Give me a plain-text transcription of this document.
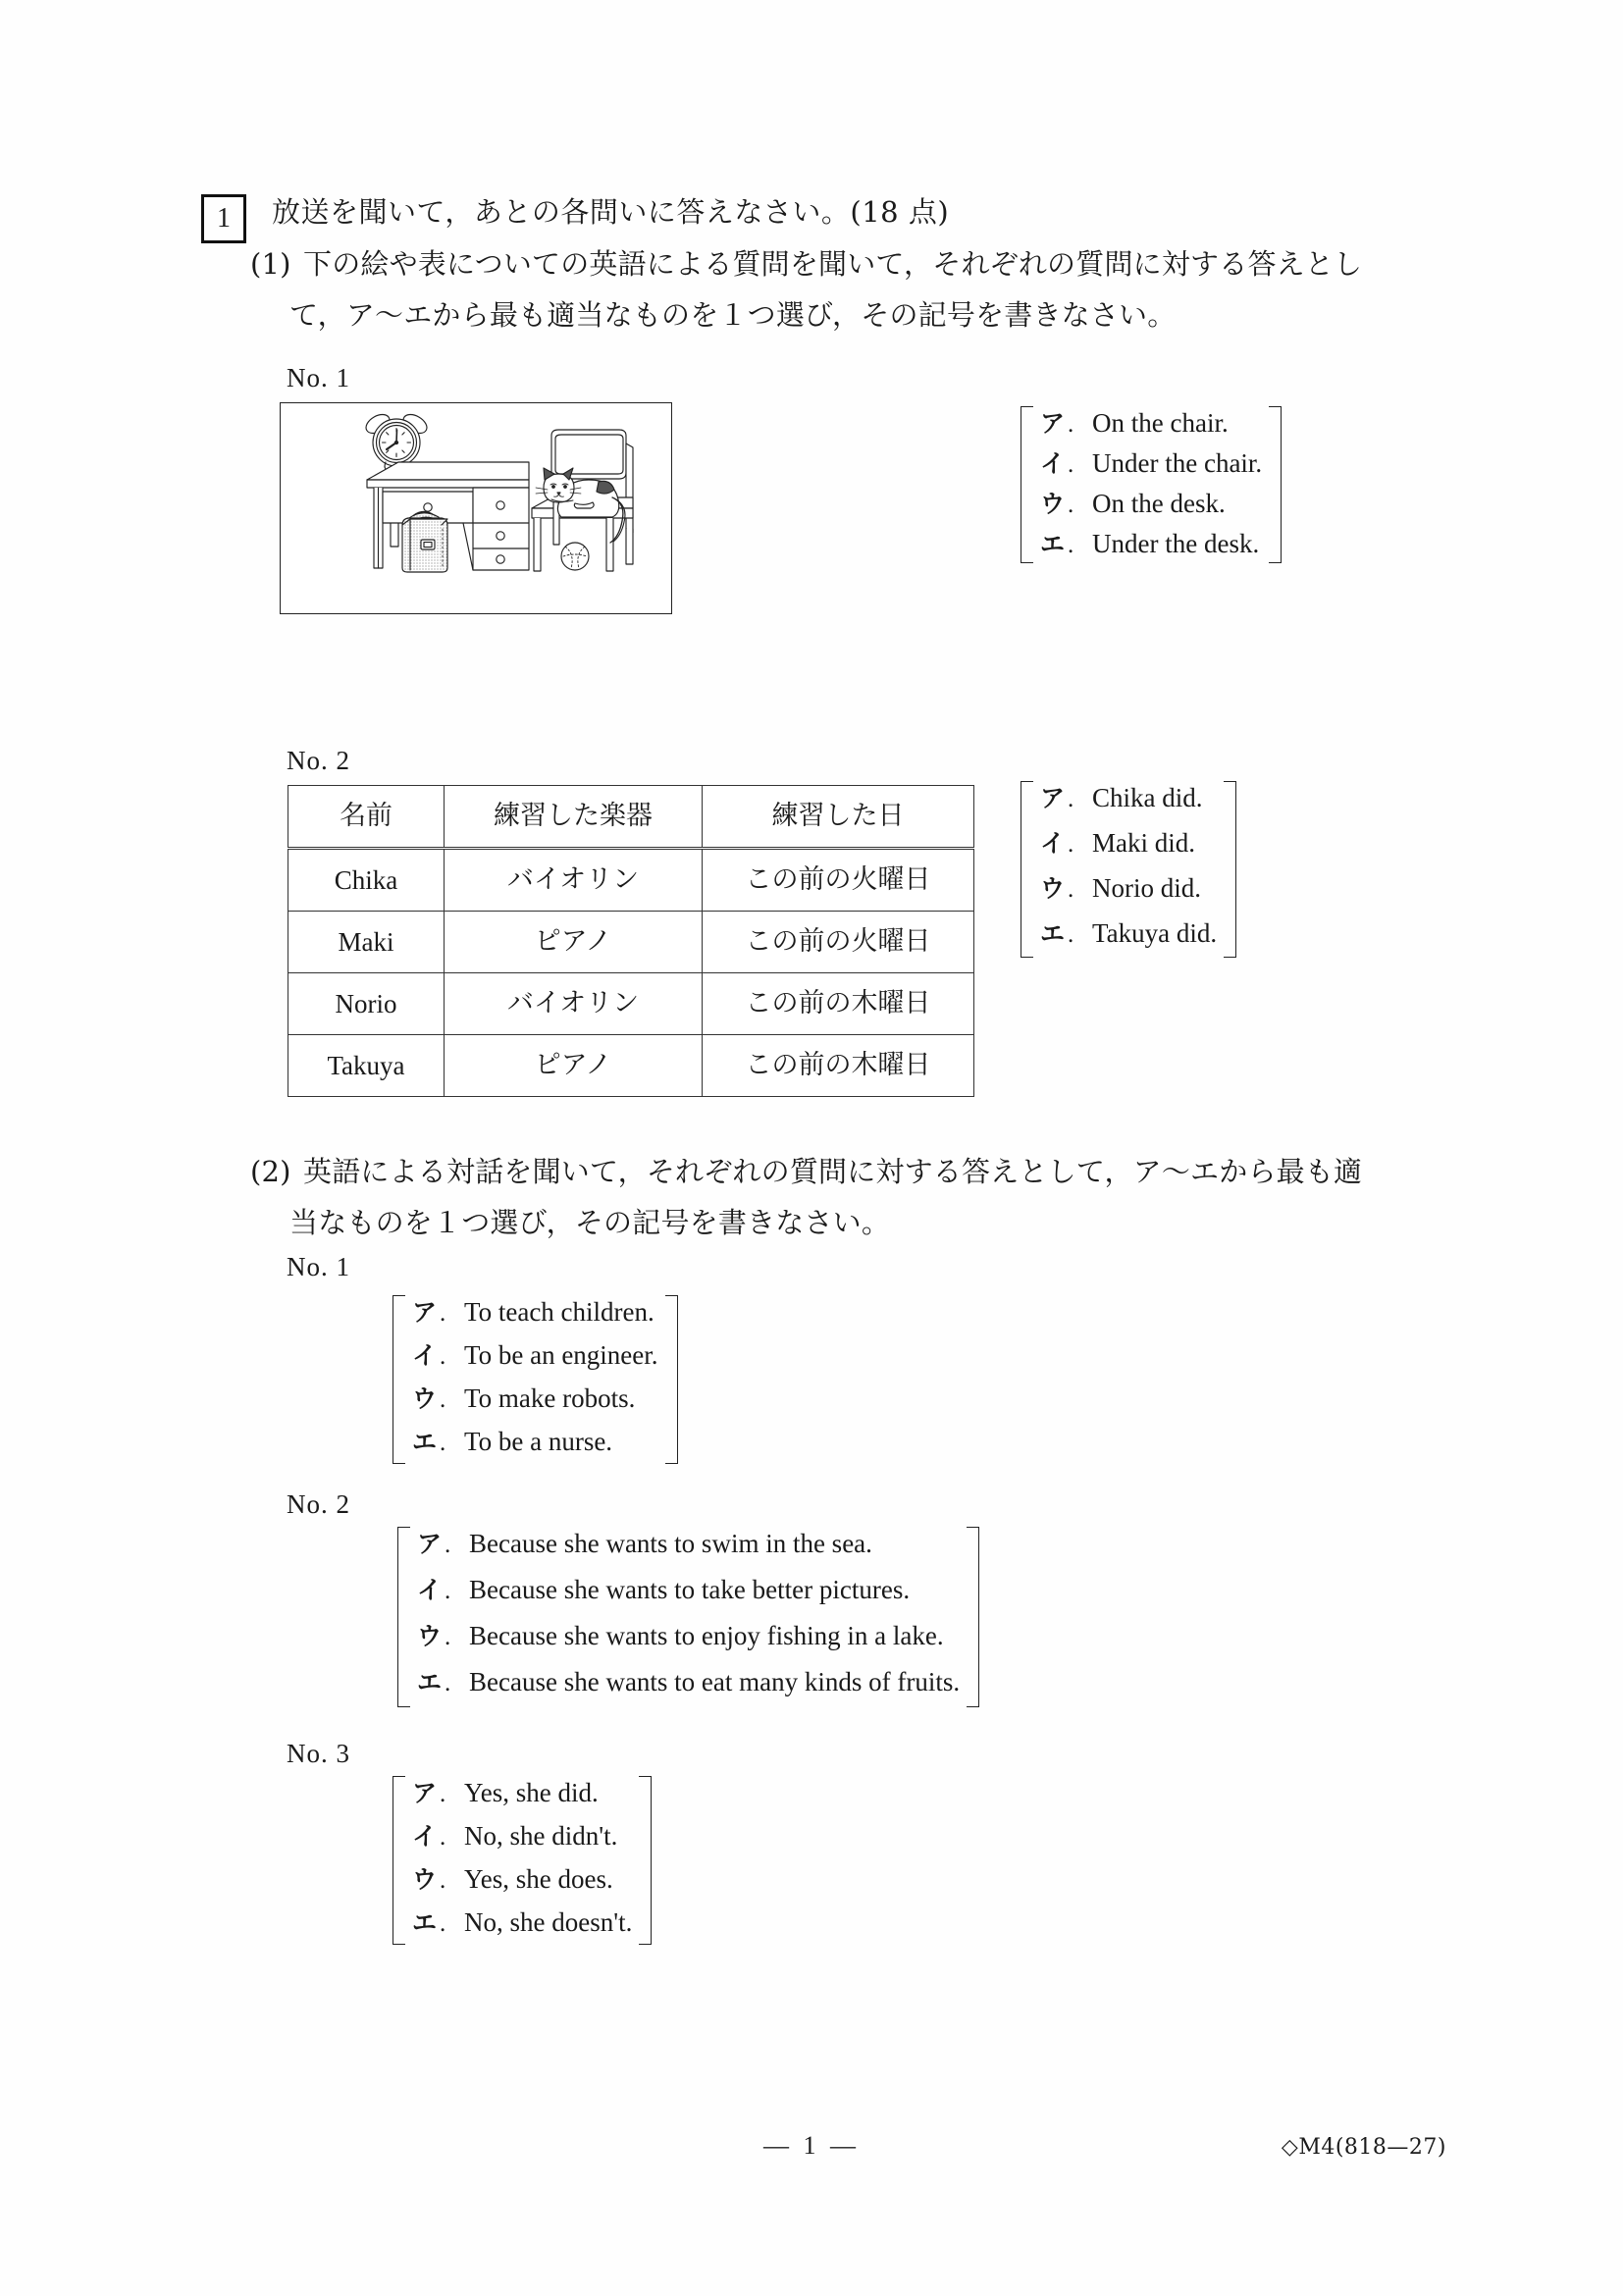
1	放送を聞いて，あとの各問いに答えなさい。(18 点)
(1) 下の絵や表についての英語による質問を聞いて，それぞれの質問に対する答えとし
て，ア～エから最も適当なものを１つ選び，その記号を書きなさい。
No. 1
ア . On the chair.
イ . Under the chair.
ウ . On the desk.
エ . Under the desk.
No. 2
名前	練習した楽器	練習した日
Chika	バイオリン	この前の火曜日
Maki	ピアノ	この前の火曜日
Norio	バイオリン	この前の木曜日
Takuya	ピアノ	この前の木曜日
ア . Chika did.
イ . Maki did.
ウ . Norio did.
エ . Takuya did.
(2) 英語による対話を聞いて，それぞれの質問に対する答えとして，ア～エから最も適
当なものを１つ選び，その記号を書きなさい。
No. 1
ア . To teach children.
イ . To be an engineer.
ウ . To make robots.
エ . To be a nurse.
No. 2
ア . Because she wants to swim in the sea.
イ . Because she wants to take better pictures.
ウ . Because she wants to enjoy fishing in a lake.
エ . Because she wants to eat many kinds of fruits.
No. 3
ア . Yes, she did.
イ . No, she didn't.
ウ . Yes, she does.
エ . No, she doesn't.
— 1 —	◇M4(818—27)
